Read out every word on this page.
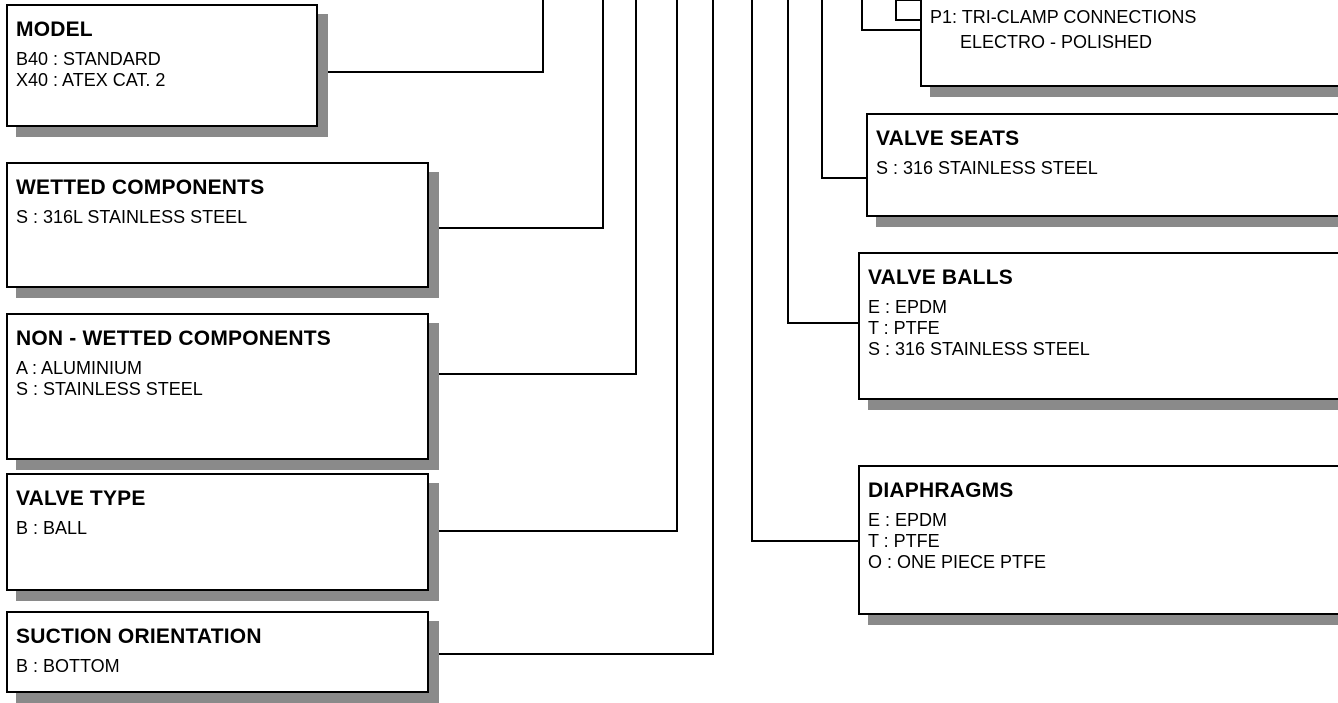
MODEL
B40 : STANDARD
X40 : ATEX CAT. 2
WETTED COMPONENTS
S : 316L STAINLESS STEEL
NON - WETTED COMPONENTS
A : ALUMINIUM
S : STAINLESS STEEL
VALVE TYPE
B : BALL
SUCTION ORIENTATION
B : BOTTOM
P1: TRI-CLAMP CONNECTIONS
ELECTRO - POLISHED
VALVE SEATS
S : 316 STAINLESS STEEL
VALVE BALLS
E : EPDM
T : PTFE
S : 316 STAINLESS STEEL
DIAPHRAGMS
E : EPDM
T : PTFE
O : ONE PIECE PTFE
